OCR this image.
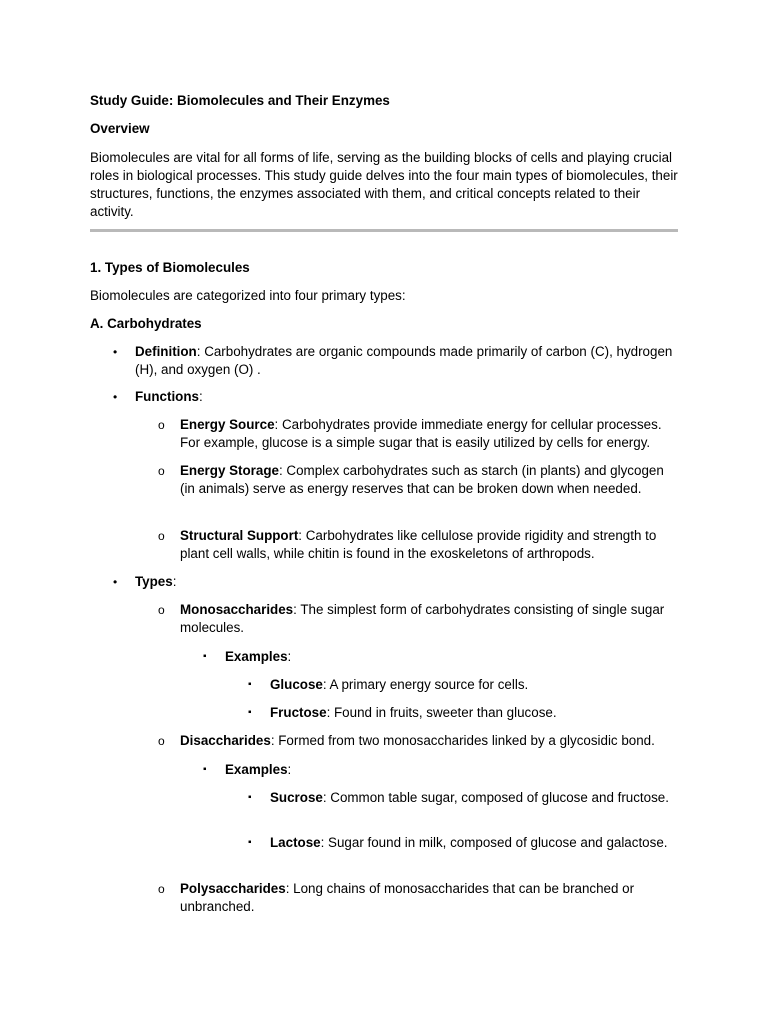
Study Guide: Biomolecules and Their Enzymes

Overview

Biomolecules are vital for all forms of life, serving as the building blocks of cells and playing crucial roles in biological processes. This study guide delves into the four main types of biomolecules, their structures, functions, the enzymes associated with them, and critical concepts related to their activity.

1. Types of Biomolecules

Biomolecules are categorized into four primary types:

A. Carbohydrates

• Definition: Carbohydrates are organic compounds made primarily of carbon (C), hydrogen (H), and oxygen (O) .

• Functions:

o Energy Source: Carbohydrates provide immediate energy for cellular processes. For example, glucose is a simple sugar that is easily utilized by cells for energy.

o Energy Storage: Complex carbohydrates such as starch (in plants) and glycogen (in animals) serve as energy reserves that can be broken down when needed.

o Structural Support: Carbohydrates like cellulose provide rigidity and strength to plant cell walls, while chitin is found in the exoskeletons of arthropods.

• Types:

o Monosaccharides: The simplest form of carbohydrates consisting of single sugar molecules.

▪ Examples:

▪ Glucose: A primary energy source for cells.

▪ Fructose: Found in fruits, sweeter than glucose.

o Disaccharides: Formed from two monosaccharides linked by a glycosidic bond.

▪ Examples:

▪ Sucrose: Common table sugar, composed of glucose and fructose.

▪ Lactose: Sugar found in milk, composed of glucose and galactose.

o Polysaccharides: Long chains of monosaccharides that can be branched or unbranched.
